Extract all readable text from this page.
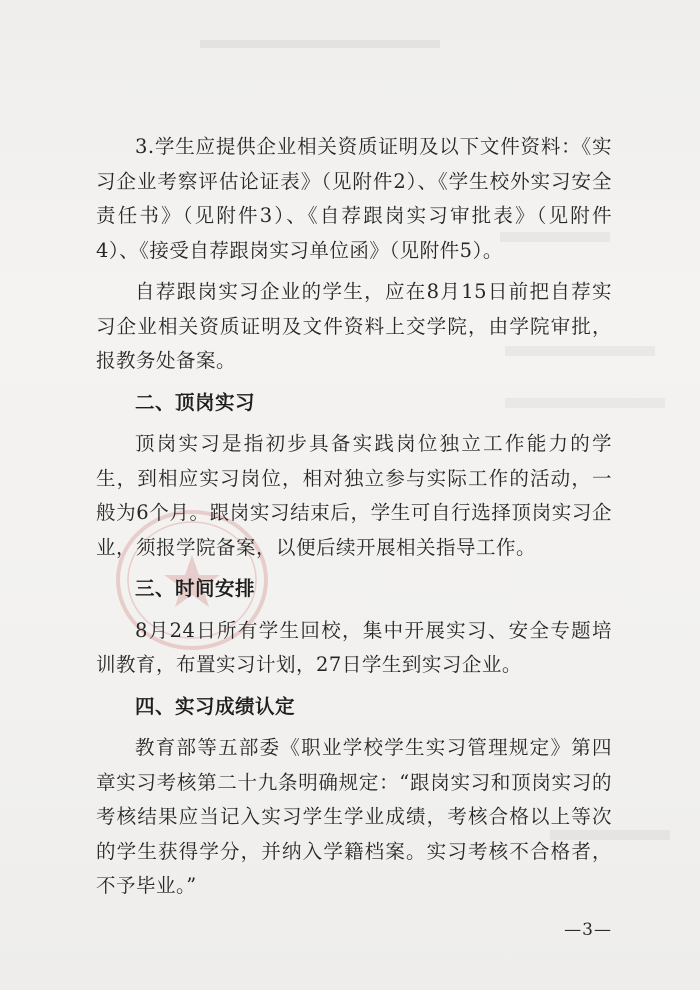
3.学生应提供企业相关资质证明及以下文件资料：《实习企业考察评估论证表》（见附件2）、《学生校外实习安全责任书》（见附件3）、《自荐跟岗实习审批表》（见附件4）、《接受自荐跟岗实习单位函》（见附件5）。

自荐跟岗实习企业的学生，应在8月15日前把自荐实习企业相关资质证明及文件资料上交学院，由学院审批，报教务处备案。

二、顶岗实习

顶岗实习是指初步具备实践岗位独立工作能力的学生，到相应实习岗位，相对独立参与实际工作的活动，一般为6个月。跟岗实习结束后，学生可自行选择顶岗实习企业，须报学院备案，以便后续开展相关指导工作。

三、时间安排

8月24日所有学生回校，集中开展实习、安全专题培训教育，布置实习计划，27日学生到实习企业。

四、实习成绩认定

教育部等五部委《职业学校学生实习管理规定》第四章实习考核第二十九条明确规定：“跟岗实习和顶岗实习的考核结果应当记入实习学生学业成绩，考核合格以上等次的学生获得学分，并纳入学籍档案。实习考核不合格者，不予毕业。”

—3—
